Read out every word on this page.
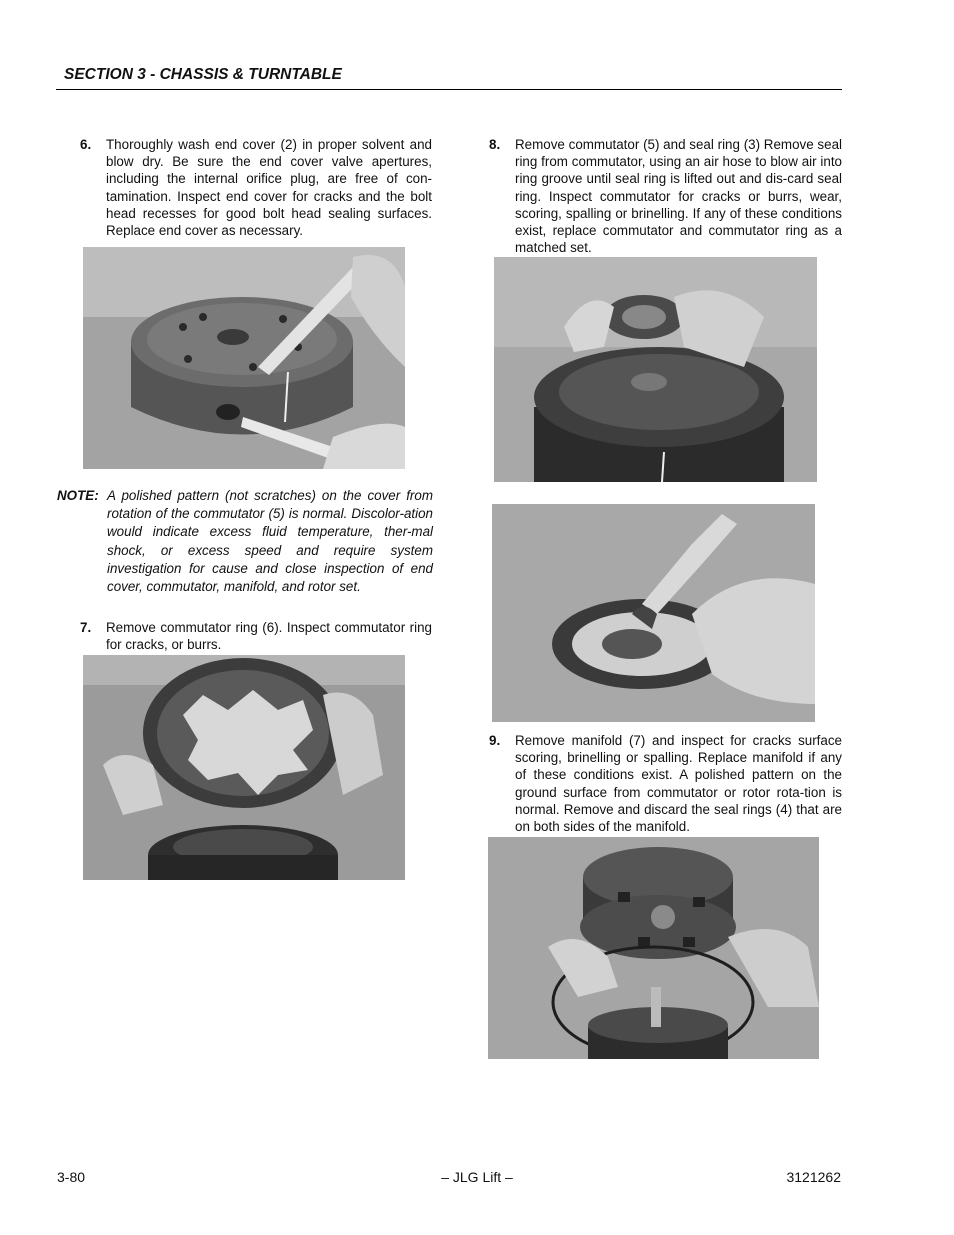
SECTION 3 - CHASSIS & TURNTABLE
6. Thoroughly wash end cover (2) in proper solvent and blow dry. Be sure the end cover valve apertures, including the internal orifice plug, are free of con-tamination. Inspect end cover for cracks and the bolt head recesses for good bolt head sealing surfaces. Replace end cover as necessary.
NOTE: A polished pattern (not scratches) on the cover from rotation of the commutator (5) is normal. Discolor-ation would indicate excess fluid temperature, ther-mal shock, or excess speed and require system investigation for cause and close inspection of end cover, commutator, manifold, and rotor set.
7. Remove commutator ring (6). Inspect commutator ring for cracks, or burrs.
8. Remove commutator (5) and seal ring (3) Remove seal ring from commutator, using an air hose to blow air into ring groove until seal ring is lifted out and dis-card seal ring. Inspect commutator for cracks or burrs, wear, scoring, spalling or brinelling. If any of these conditions exist, replace commutator and commutator ring as a matched set.
9. Remove manifold (7) and inspect for cracks surface scoring, brinelling or spalling. Replace manifold if any of these conditions exist. A polished pattern on the ground surface from commutator or rotor rota-tion is normal. Remove and discard the seal rings (4) that are on both sides of the manifold.
3-80	– JLG Lift –	3121262
